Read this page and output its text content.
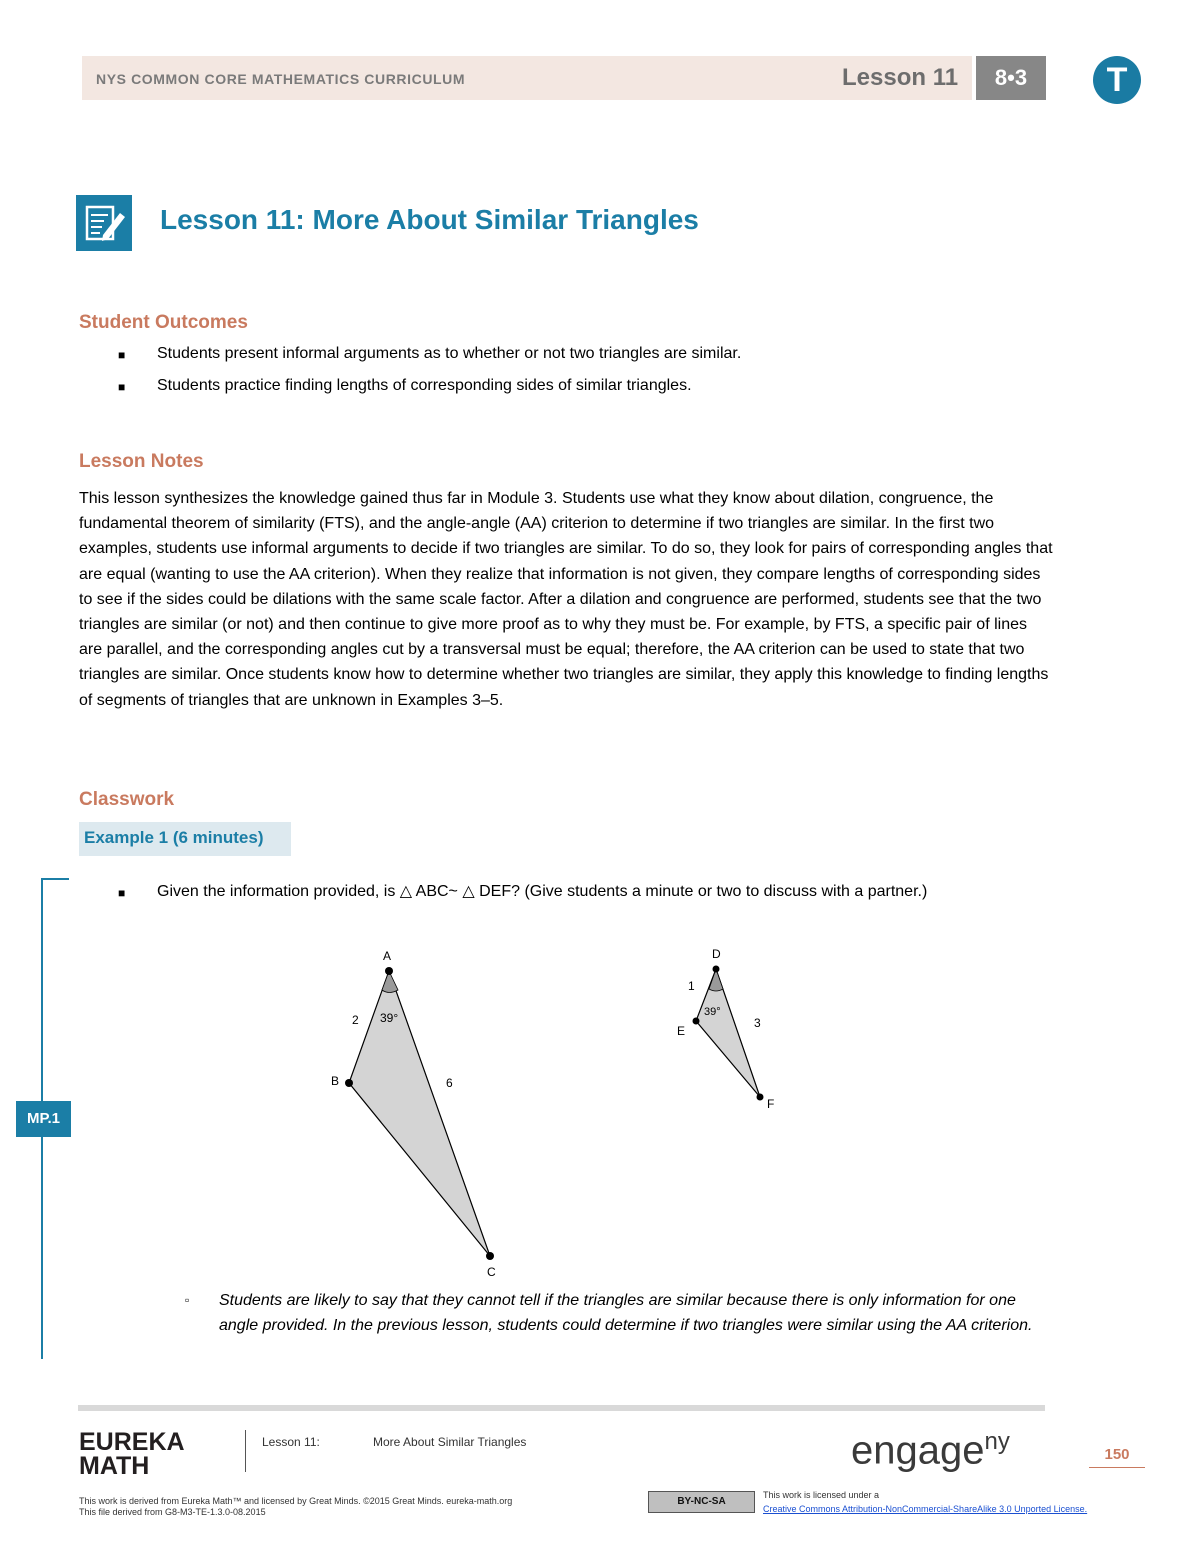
NYS COMMON CORE MATHEMATICS CURRICULUM	Lesson 11	8•3	T
Lesson 11: More About Similar Triangles
Student Outcomes
■ Students present informal arguments as to whether or not two triangles are similar.
■ Students practice finding lengths of corresponding sides of similar triangles.
Lesson Notes
This lesson synthesizes the knowledge gained thus far in Module 3. Students use what they know about dilation, congruence, the fundamental theorem of similarity (FTS), and the angle-angle (AA) criterion to determine if two triangles are similar. In the first two examples, students use informal arguments to decide if two triangles are similar. To do so, they look for pairs of corresponding angles that are equal (wanting to use the AA criterion). When they realize that information is not given, they compare lengths of corresponding sides to see if the sides could be dilations with the same scale factor. After a dilation and congruence are performed, students see that the two triangles are similar (or not) and then continue to give more proof as to why they must be. For example, by FTS, a specific pair of lines are parallel, and the corresponding angles cut by a transversal must be equal; therefore, the AA criterion can be used to state that two triangles are similar. Once students know how to determine whether two triangles are similar, they apply this knowledge to finding lengths of segments of triangles that are unknown in Examples 3–5.
Classwork
Example 1 (6 minutes)
MP.1
■ Given the information provided, is △ ABC~ △ DEF? (Give students a minute or two to discuss with a partner.)
A
B
C
2
6
39°
D
E
F
1
3
39°
▫ Students are likely to say that they cannot tell if the triangles are similar because there is only information for one angle provided. In the previous lesson, students could determine if two triangles were similar using the AA criterion.
EUREKA
MATH
Lesson 11:	More About Similar Triangles	engage$^{ny}$	150
This work is derived from Eureka Math™ and licensed by Great Minds. ©2015 Great Minds. eureka-math.org
This file derived from G8-M3-TE-1.3.0-08.2015
BY-NC-SA
This work is licensed under a
Creative Commons Attribution-NonCommercial-ShareAlike 3.0 Unported License.
